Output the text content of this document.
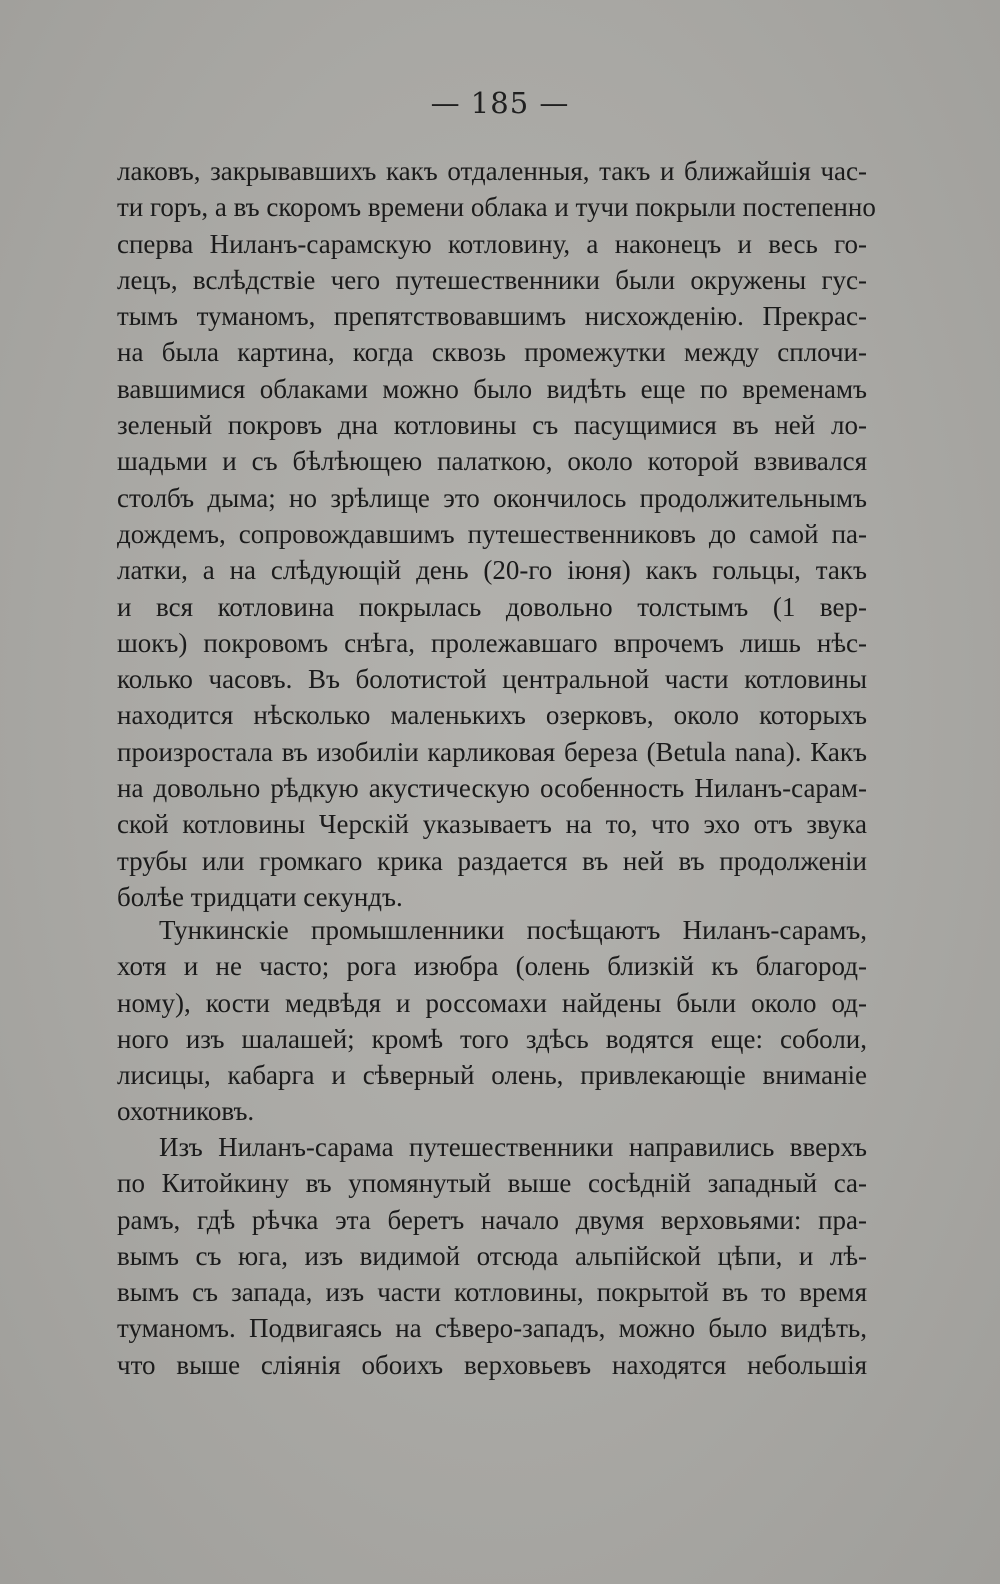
— 185 —
лаковъ, закрывавшихъ какъ отдаленныя, такъ и ближайшія час-
ти горъ, а въ скоромъ времени облака и тучи покрыли постепенно
сперва Ниланъ-сарамскую котловину, а наконецъ и весь го-
лецъ, вслѣдствіе чего путешественники были окружены гус-
тымъ туманомъ, препятствовавшимъ нисхожденію. Прекрас-
на была картина, когда сквозь промежутки между сплочи-
вавшимися облаками можно было видѣть еще по временамъ
зеленый покровъ дна котловины съ пасущимися въ ней ло-
шадьми и съ бѣлѣющею палаткою, около которой взвивался
столбъ дыма; но зрѣлище это окончилось продолжительнымъ
дождемъ, сопровождавшимъ путешественниковъ до самой па-
латки, а на слѣдующій день (20-го іюня) какъ гольцы, такъ
и вся котловина покрылась довольно толстымъ (1 вер-
шокъ) покровомъ снѣга, пролежавшаго впрочемъ лишь нѣс-
колько часовъ. Въ болотистой центральной части котловины
находится нѣсколько маленькихъ озерковъ, около которыхъ
произростала въ изобиліи карликовая береза (Betula nana). Какъ
на довольно рѣдкую акустическую особенность Ниланъ-сарам-
ской котловины Черскій указываетъ на то, что эхо отъ звука
трубы или громкаго крика раздается въ ней въ продолженіи
болѣе тридцати секундъ.
Тункинскіе промышленники посѣщаютъ Нилaнъ-сарaмъ,
хотя и не часто; рога изюбра (олень близкій къ благород-
ному), кости медвѣдя и россомахи найдены были около од-
ного изъ шалашей; кромѣ того здѣсь водятся еще: соболи,
лисицы, кабарга и сѣверный олень, привлекающіе вниманіе
охотниковъ.
Изъ Ниланъ-сарама путешественники направились вверхъ
по Китойкину въ упомянутый выше сосѣдній западный са-
рамъ, гдѣ рѣчка эта беретъ начало двумя верховьями: пра-
вымъ съ юга, изъ видимой отсюда альпійской цѣпи, и лѣ-
вымъ съ запада, изъ части котловины, покрытой въ то время
туманомъ. Подвигаясь на сѣверо-западъ, можно было видѣть,
что выше сліянія обоихъ верховьевъ находятся небольшія
